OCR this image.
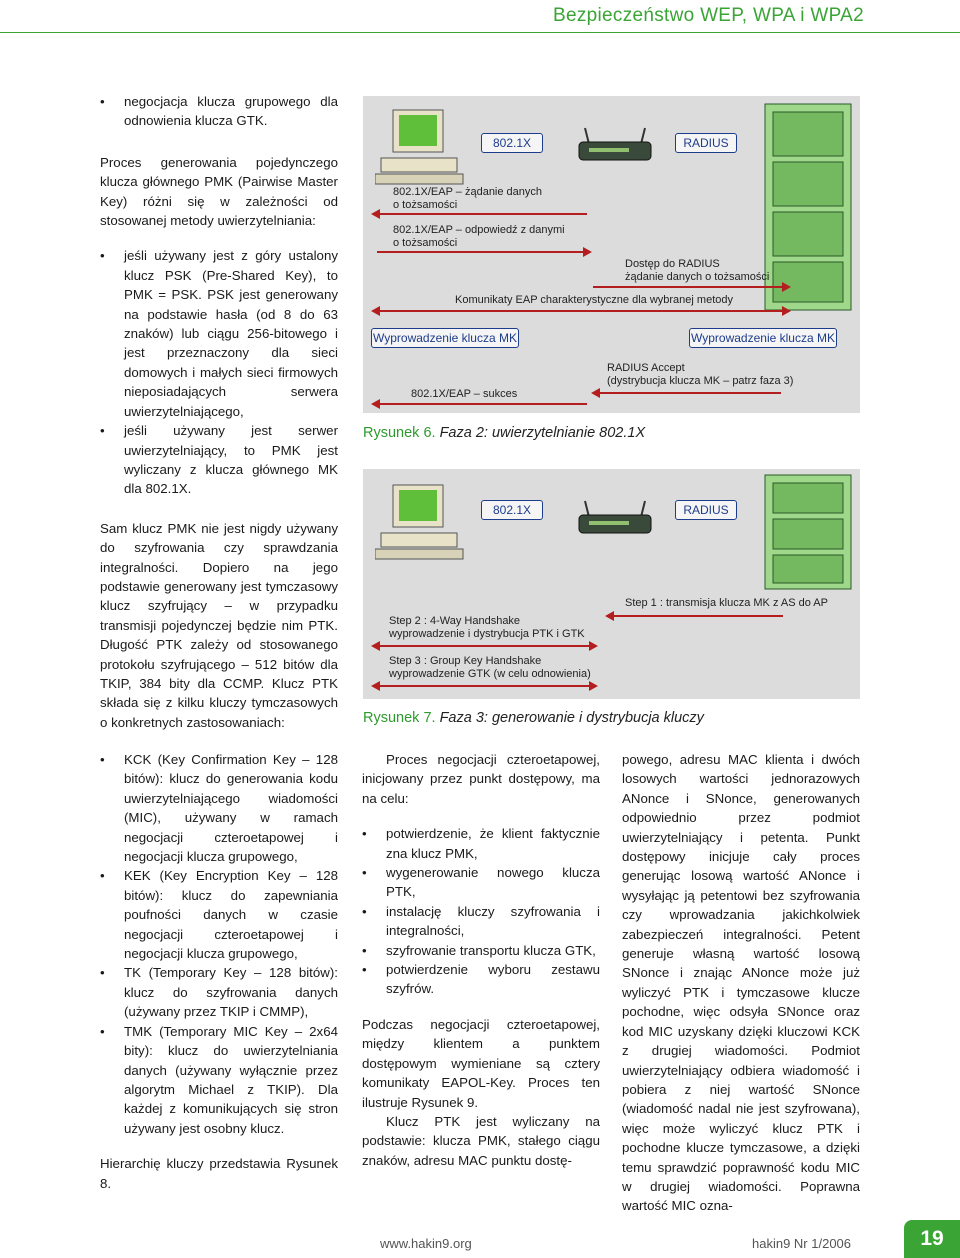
Bezpieczeństwo WEP, WPA i WPA2
• negocjacja klucza grupowego dla odnowienia klucza GTK.

Proces generowania pojedynczego klucza głównego PMK (Pairwise Master Key) różni się w zależności od stosowanej metody uwierzytelniania:

• jeśli używany jest z góry ustalony klucz PSK (Pre-Shared Key), to PMK = PSK. PSK jest generowany na podstawie hasła (od 8 do 63 znaków) lub ciągu 256-bitowego i jest przeznaczony dla sieci domowych i małych sieci firmowych nieposiadających serwera uwierzytelniającego,
• jeśli używany jest serwer uwierzytelniający, to PMK jest wyliczany z klucza głównego MK dla 802.1X.

Sam klucz PMK nie jest nigdy używany do szyfrowania czy sprawdzania integralności. Dopiero na jego podstawie generowany jest tymczasowy klucz szyfrujący – w przypadku transmisji pojedynczej będzie nim PTK. Długość PTK zależy od stosowanego protokołu szyfrującego – 512 bitów dla TKIP, 384 bity dla CCMP. Klucz PTK składa się z kilku kluczy tymczasowych o konkretnych zastosowaniach:

802.1X	RADIUS
802.1X/EAP – żądanie danych
o tożsamości
802.1X/EAP – odpowiedź z danymi
o tożsamości
Dostęp do RADIUS
żądanie danych o tożsamości
Komunikaty EAP charakterystyczne dla wybranej metody
Wyprowadzenie klucza MK	Wyprowadzenie klucza MK
RADIUS Accept
(dystrybucja klucza MK – patrz faza 3)
802.1X/EAP – sukces
Rysunek 6. Faza 2: uwierzytelnianie 802.1X
802.1X	RADIUS
Step 1 : transmisja klucza MK z AS do AP
Step 2 : 4-Way Handshake
wyprowadzenie i dystrybucja PTK i GTK
Step 3 : Group Key Handshake
wyprowadzenie GTK (w celu odnowienia)
Rysunek 7. Faza 3: generowanie i dystrybucja kluczy
• KCK (Key Confirmation Key – 128 bitów): klucz do generowania kodu uwierzytelniającego wiadomości (MIC), używany w ramach negocjacji czteroetapowej i negocjacji klucza grupowego,
• KEK (Key Encryption Key – 128 bitów): klucz do zapewniania poufności danych w czasie negocjacji czteroetapowej i negocjacji klucza grupowego,
• TK (Temporary Key – 128 bitów): klucz do szyfrowania danych (używany przez TKIP i CMMP),
• TMK (Temporary MIC Key – 2x64 bity): klucz do uwierzytelniania danych (używany wyłącznie przez algorytm Michael z TKIP). Dla każdej z komunikujących się stron używany jest osobny klucz.

Hierarchię kluczy przedstawia Rysunek 8.

Proces negocjacji czteroetapowej, inicjowany przez punkt dostępowy, ma na celu:

• potwierdzenie, że klient faktycznie zna klucz PMK,
• wygenerowanie nowego klucza PTK,
• instalację kluczy szyfrowania i integralności,
• szyfrowanie transportu klucza GTK,
• potwierdzenie wyboru zestawu szyfrów.

Podczas negocjacji czteroetapowej, między klientem a punktem dostępowym wymieniane są cztery komunikaty EAPOL-Key. Proces ten ilustruje Rysunek 9.

Klucz PTK jest wyliczany na podstawie: klucza PMK, stałego ciągu znaków, adresu MAC punktu dostę-

powego, adresu MAC klienta i dwóch losowych wartości jednorazowych ANonce i SNonce, generowanych odpowiednio przez podmiot uwierzytelniający i petenta. Punkt dostępowy inicjuje cały proces generując losową wartość ANonce i wysyłając ją petentowi bez szyfrowania czy wprowadzania jakichkolwiek zabezpieczeń integralności. Petent generuje własną wartość losową SNonce i znając ANonce może już wyliczyć PTK i tymczasowe klucze pochodne, więc odsyła SNonce oraz kod MIC uzyskany dzięki kluczowi KCK z drugiej wiadomości. Podmiot uwierzytelniający odbiera wiadomość i pobiera z niej wartość SNonce (wiadomość nadal nie jest szyfrowana), więc może wyliczyć klucz PTK i pochodne klucze tymczasowe, a dzięki temu sprawdzić poprawność kodu MIC w drugiej wiadomości. Poprawna wartość MIC ozna-

www.hakin9.org	hakin9 Nr 1/2006	19
